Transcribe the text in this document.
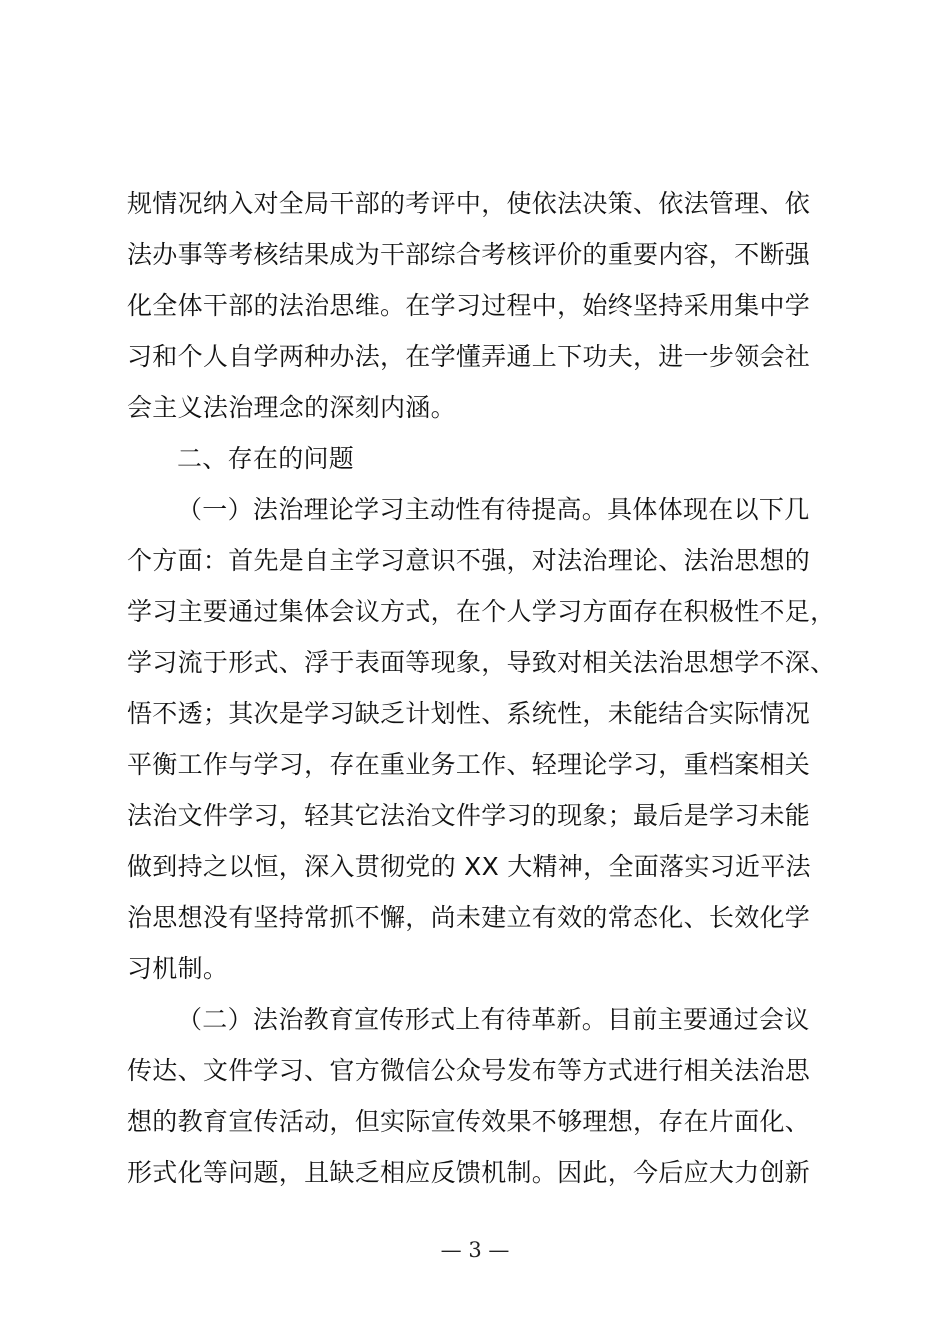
规情况纳入对全局干部的考评中，使依法决策、依法管理、依
法办事等考核结果成为干部综合考核评价的重要内容，不断强
化全体干部的法治思维。在学习过程中，始终坚持采用集中学
习和个人自学两种办法，在学懂弄通上下功夫，进一步领会社
会主义法治理念的深刻内涵。
二、存在的问题
（一）法治理论学习主动性有待提高。具体体现在以下几
个方面：首先是自主学习意识不强，对法治理论、法治思想的
学习主要通过集体会议方式，在个人学习方面存在积极性不足，
学习流于形式、浮于表面等现象，导致对相关法治思想学不深、
悟不透；其次是学习缺乏计划性、系统性，未能结合实际情况
平衡工作与学习，存在重业务工作、轻理论学习，重档案相关
法治文件学习，轻其它法治文件学习的现象；最后是学习未能
做到持之以恒，深入贯彻党的 XX 大精神，全面落实习近平法
治思想没有坚持常抓不懈，尚未建立有效的常态化、长效化学
习机制。
（二）法治教育宣传形式上有待革新。目前主要通过会议
传达、文件学习、官方微信公众号发布等方式进行相关法治思
想的教育宣传活动，但实际宣传效果不够理想，存在片面化、
形式化等问题，且缺乏相应反馈机制。因此，今后应大力创新
— 3 —
